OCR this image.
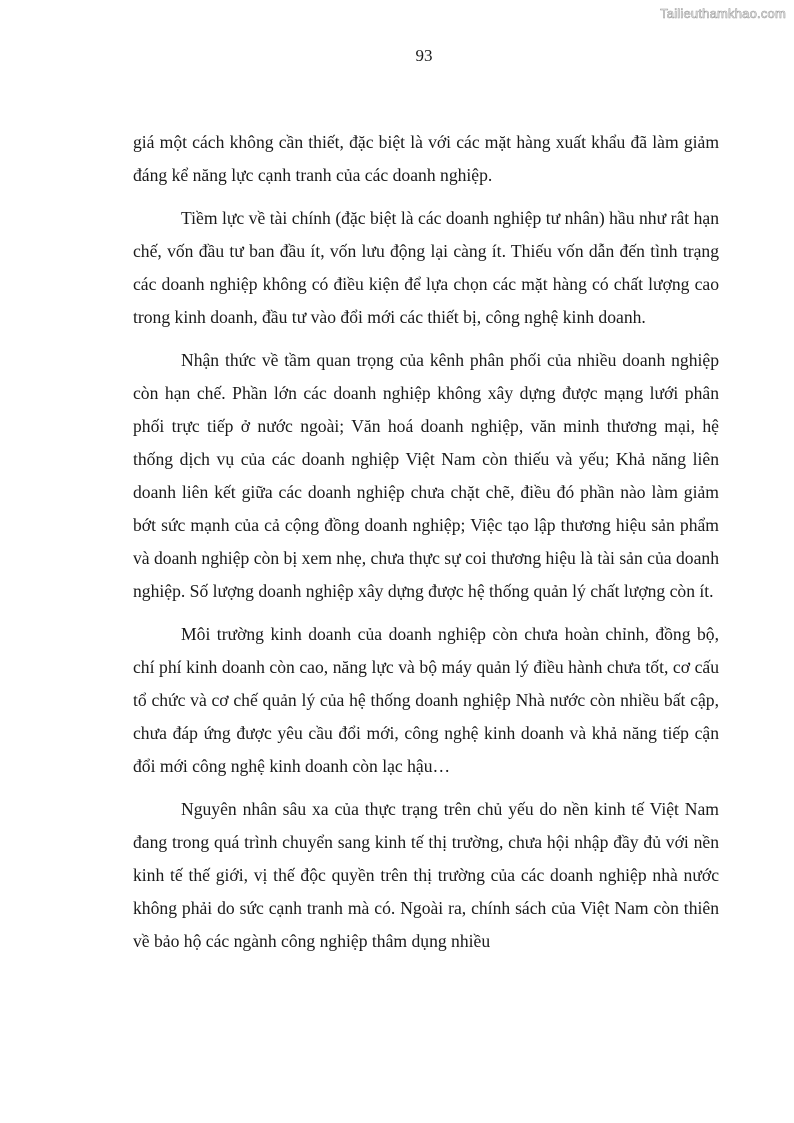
Tailieuthamkhao.com
93

giá một cách không cần thiết, đặc biệt là với các mặt hàng xuất khẩu đã làm giảm đáng kể năng lực cạnh tranh của các doanh nghiệp.

Tiềm lực về tài chính (đặc biệt là các doanh nghiệp tư nhân) hầu như rât hạn chế, vốn đầu tư ban đầu ít, vốn lưu động lại càng ít. Thiếu vốn dẫn đến tình trạng các doanh nghiệp không có điều kiện để lựa chọn các mặt hàng có chất lượng cao trong kinh doanh, đầu tư vào đổi mới các thiết bị, công nghệ kinh doanh.

Nhận thức về tầm quan trọng của kênh phân phối của nhiều doanh nghiệp còn hạn chế. Phần lớn các doanh nghiệp không xây dựng được mạng lưới phân phối trực tiếp ở nước ngoài; Văn hoá doanh nghiệp, văn minh thương mại, hệ thống dịch vụ của các doanh nghiệp Việt Nam còn thiếu và yếu; Khả năng liên doanh liên kết giữa các doanh nghiệp chưa chặt chẽ, điều đó phần nào làm giảm bớt sức mạnh của cả cộng đồng doanh nghiệp; Việc tạo lập thương hiệu sản phẩm và doanh nghiệp còn bị xem nhẹ, chưa thực sự coi thương hiệu là tài sản của doanh nghiệp. Số lượng doanh nghiệp xây dựng được hệ thống quản lý chất lượng còn ít.

Môi trường kinh doanh của doanh nghiệp còn chưa hoàn chỉnh, đồng bộ, chí phí kinh doanh còn cao, năng lực và bộ máy quản lý điều hành chưa tốt, cơ cấu tổ chức và cơ chế quản lý của hệ thống doanh nghiệp Nhà nước còn nhiều bất cập, chưa đáp ứng được yêu cầu đổi mới, công nghệ kinh doanh và khả năng tiếp cận đổi mới công nghệ kinh doanh còn lạc hậu…

Nguyên nhân sâu xa của thực trạng trên chủ yếu do nền kinh tế Việt Nam đang trong quá trình chuyển sang kinh tế thị trường, chưa hội nhập đầy đủ với nền kinh tế thế giới, vị thế độc quyền trên thị trường của các doanh nghiệp nhà nước không phải do sức cạnh tranh mà có. Ngoài ra, chính sách của Việt Nam còn thiên về bảo hộ các ngành công nghiệp thâm dụng nhiều
